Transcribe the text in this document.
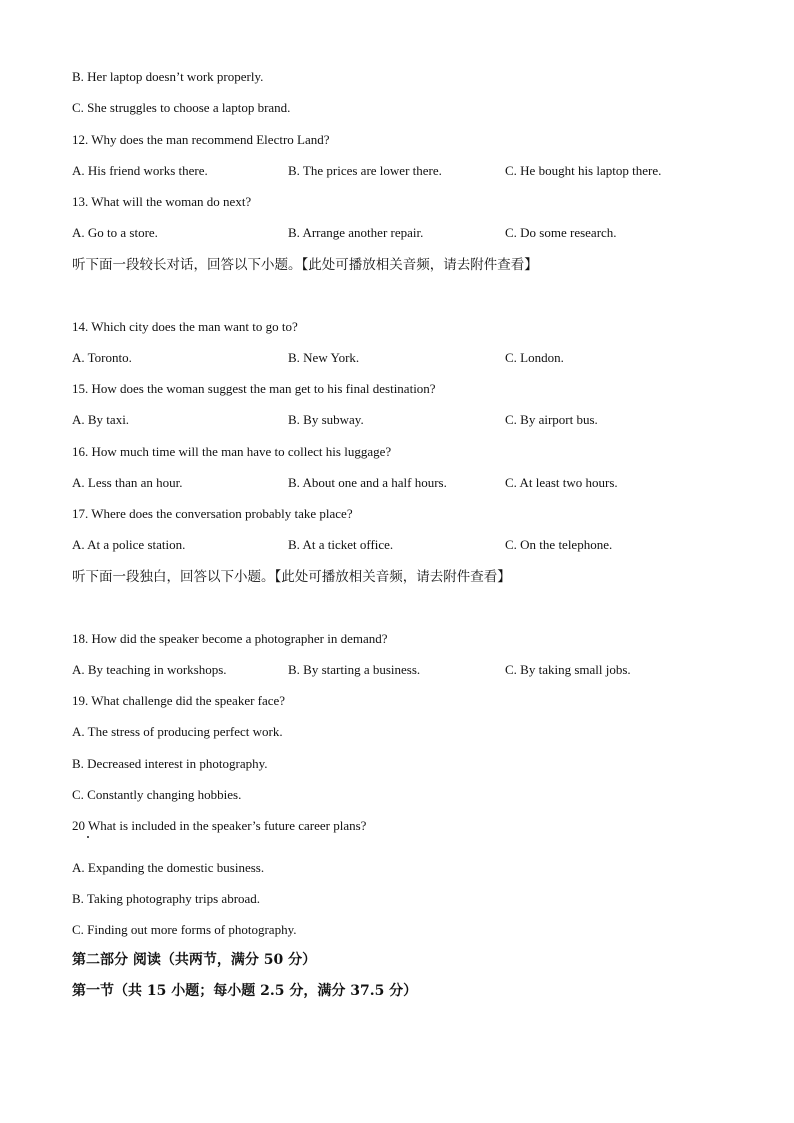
B. Her laptop doesn’t work properly.
C. She struggles to choose a laptop brand.
12. Why does the man recommend Electro Land?
A. His friend works there.	B. The prices are lower there.	C. He bought his laptop there.
13. What will the woman do next?
A. Go to a store.	B. Arrange another repair.	C. Do some research.
听下面一段较长对话，回答以下小题。【此处可播放相关音频，请去附件查看】
14. Which city does the man want to go to?
A. Toronto.	B. New York.	C. London.
15. How does the woman suggest the man get to his final destination?
A. By taxi.	B. By subway.	C. By airport bus.
16. How much time will the man have to collect his luggage?
A. Less than an hour.	B. About one and a half hours.	C. At least two hours.
17. Where does the conversation probably take place?
A. At a police station.	B. At a ticket office.	C. On the telephone.
听下面一段独白，回答以下小题。【此处可播放相关音频，请去附件查看】
18. How did the speaker become a photographer in demand?
A. By teaching in workshops.	B. By starting a business.	C. By taking small jobs.
19. What challenge did the speaker face?
A. The stress of producing perfect work.
B. Decreased interest in photography.
C. Constantly changing hobbies.
20 What is included in the speaker’s future career plans?
A. Expanding the domestic business.
B. Taking photography trips abroad.
C. Finding out more forms of photography.
第二部分 阅读（共两节，满分 50 分）
第一节（共 15 小题；每小题 2.5 分，满分 37.5 分）
